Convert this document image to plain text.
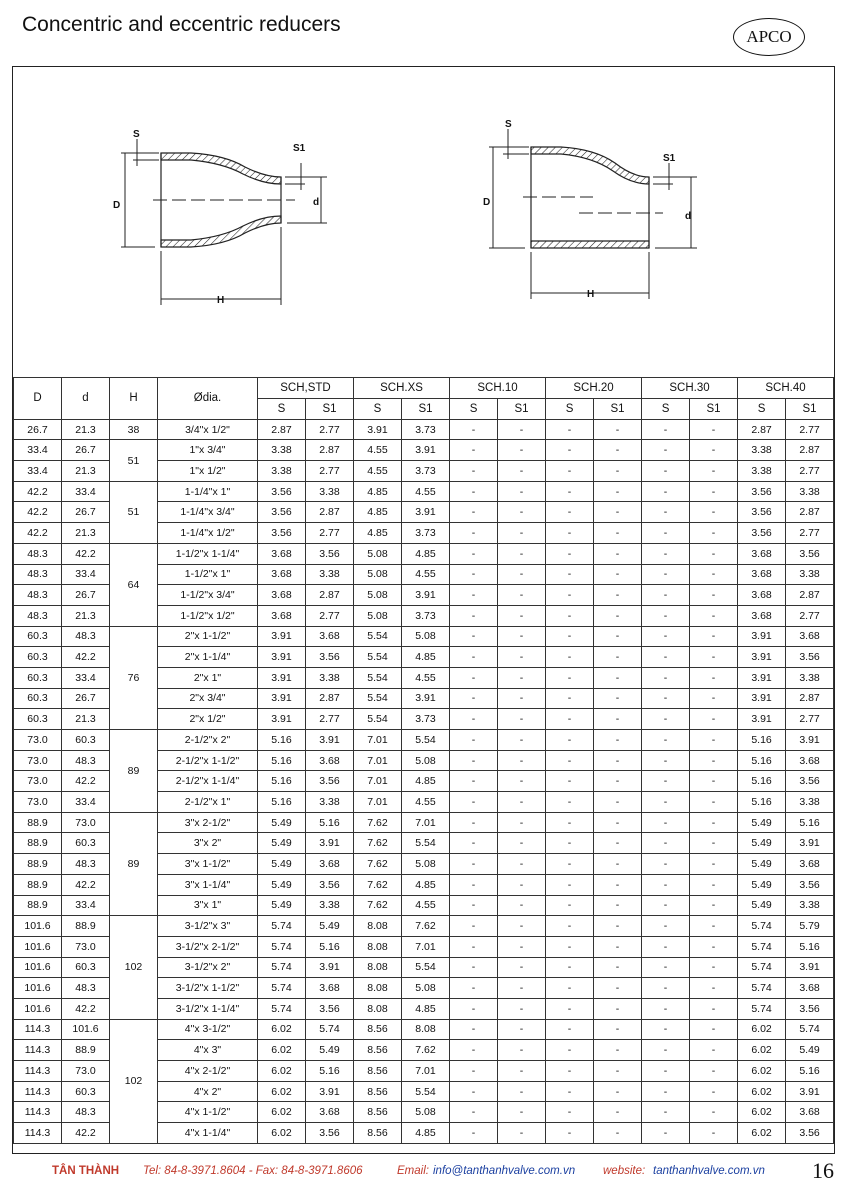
Concentric and eccentric reducers
APCO
S
S1
D	d
H
S
S1
D
d
H
D	d	H	Ødia.	SCH,STD		SCH.XS		SCH.10		SCH.20		SCH.30		SCH.40	
				S	S1	S	S1	S	S1	S	S1	S	S1	S	S1
26.7	21.3	38	3/4"x 1/2"	2.87	2.77	3.91	3.73	-	-	-	-	-	-	2.87	2.77
33.4	26.7	51	1"x 3/4"	3.38	2.87	4.55	3.91	-	-	-	-	-	-	3.38	2.87
33.4	21.3		1"x 1/2"	3.38	2.77	4.55	3.73	-	-	-	-	-	-	3.38	2.77
42.2	33.4	51	1-1/4"x 1"	3.56	3.38	4.85	4.55	-	-	-	-	-	-	3.56	3.38
42.2	26.7		1-1/4"x 3/4"	3.56	2.87	4.85	3.91	-	-	-	-	-	-	3.56	2.87
42.2	21.3		1-1/4"x 1/2"	3.56	2.77	4.85	3.73	-	-	-	-	-	-	3.56	2.77
48.3	42.2	64	1-1/2"x 1-1/4"	3.68	3.56	5.08	4.85	-	-	-	-	-	-	3.68	3.56
48.3	33.4		1-1/2"x 1"	3.68	3.38	5.08	4.55	-	-	-	-	-	-	3.68	3.38
48.3	26.7		1-1/2"x 3/4"	3.68	2.87	5.08	3.91	-	-	-	-	-	-	3.68	2.87
48.3	21.3		1-1/2"x 1/2"	3.68	2.77	5.08	3.73	-	-	-	-	-	-	3.68	2.77
60.3	48.3	76	2"x 1-1/2"	3.91	3.68	5.54	5.08	-	-	-	-	-	-	3.91	3.68
60.3	42.2		2"x 1-1/4"	3.91	3.56	5.54	4.85	-	-	-	-	-	-	3.91	3.56
60.3	33.4		2"x 1"	3.91	3.38	5.54	4.55	-	-	-	-	-	-	3.91	3.38
60.3	26.7		2"x 3/4"	3.91	2.87	5.54	3.91	-	-	-	-	-	-	3.91	2.87
60.3	21.3		2"x 1/2"	3.91	2.77	5.54	3.73	-	-	-	-	-	-	3.91	2.77
73.0	60.3	89	2-1/2"x 2"	5.16	3.91	7.01	5.54	-	-	-	-	-	-	5.16	3.91
73.0	48.3		2-1/2"x 1-1/2"	5.16	3.68	7.01	5.08	-	-	-	-	-	-	5.16	3.68
73.0	42.2		2-1/2"x 1-1/4"	5.16	3.56	7.01	4.85	-	-	-	-	-	-	5.16	3.56
73.0	33.4		2-1/2"x 1"	5.16	3.38	7.01	4.55	-	-	-	-	-	-	5.16	3.38
88.9	73.0	89	3"x 2-1/2"	5.49	5.16	7.62	7.01	-	-	-	-	-	-	5.49	5.16
88.9	60.3		3"x 2"	5.49	3.91	7.62	5.54	-	-	-	-	-	-	5.49	3.91
88.9	48.3		3"x 1-1/2"	5.49	3.68	7.62	5.08	-	-	-	-	-	-	5.49	3.68
88.9	42.2		3"x 1-1/4"	5.49	3.56	7.62	4.85	-	-	-	-	-	-	5.49	3.56
88.9	33.4		3"x 1"	5.49	3.38	7.62	4.55	-	-	-	-	-	-	5.49	3.38
101.6	88.9	102	3-1/2"x 3"	5.74	5.49	8.08	7.62	-	-	-	-	-	-	5.74	5.79
101.6	73.0		3-1/2"x 2-1/2"	5.74	5.16	8.08	7.01	-	-	-	-	-	-	5.74	5.16
101.6	60.3		3-1/2"x 2"	5.74	3.91	8.08	5.54	-	-	-	-	-	-	5.74	3.91
101.6	48.3		3-1/2"x 1-1/2"	5.74	3.68	8.08	5.08	-	-	-	-	-	-	5.74	3.68
101.6	42.2		3-1/2"x 1-1/4"	5.74	3.56	8.08	4.85	-	-	-	-	-	-	5.74	3.56
114.3	101.6	102	4"x 3-1/2"	6.02	5.74	8.56	8.08	-	-	-	-	-	-	6.02	5.74
114.3	88.9		4"x 3"	6.02	5.49	8.56	7.62	-	-	-	-	-	-	6.02	5.49
114.3	73.0		4"x 2-1/2"	6.02	5.16	8.56	7.01	-	-	-	-	-	-	6.02	5.16
114.3	60.3		4"x 2"	6.02	3.91	8.56	5.54	-	-	-	-	-	-	6.02	3.91
114.3	48.3		4"x 1-1/2"	6.02	3.68	8.56	5.08	-	-	-	-	-	-	6.02	3.68
114.3	42.2		4"x 1-1/4"	6.02	3.56	8.56	4.85	-	-	-	-	-	-	6.02	3.56
TÂN THÀNH Tel: 84-8-3971.8604 - Fax: 84-8-3971.8606	Email: info@tanthanhvalve.com.vn website: tanthanhvalve.com.vn 16
